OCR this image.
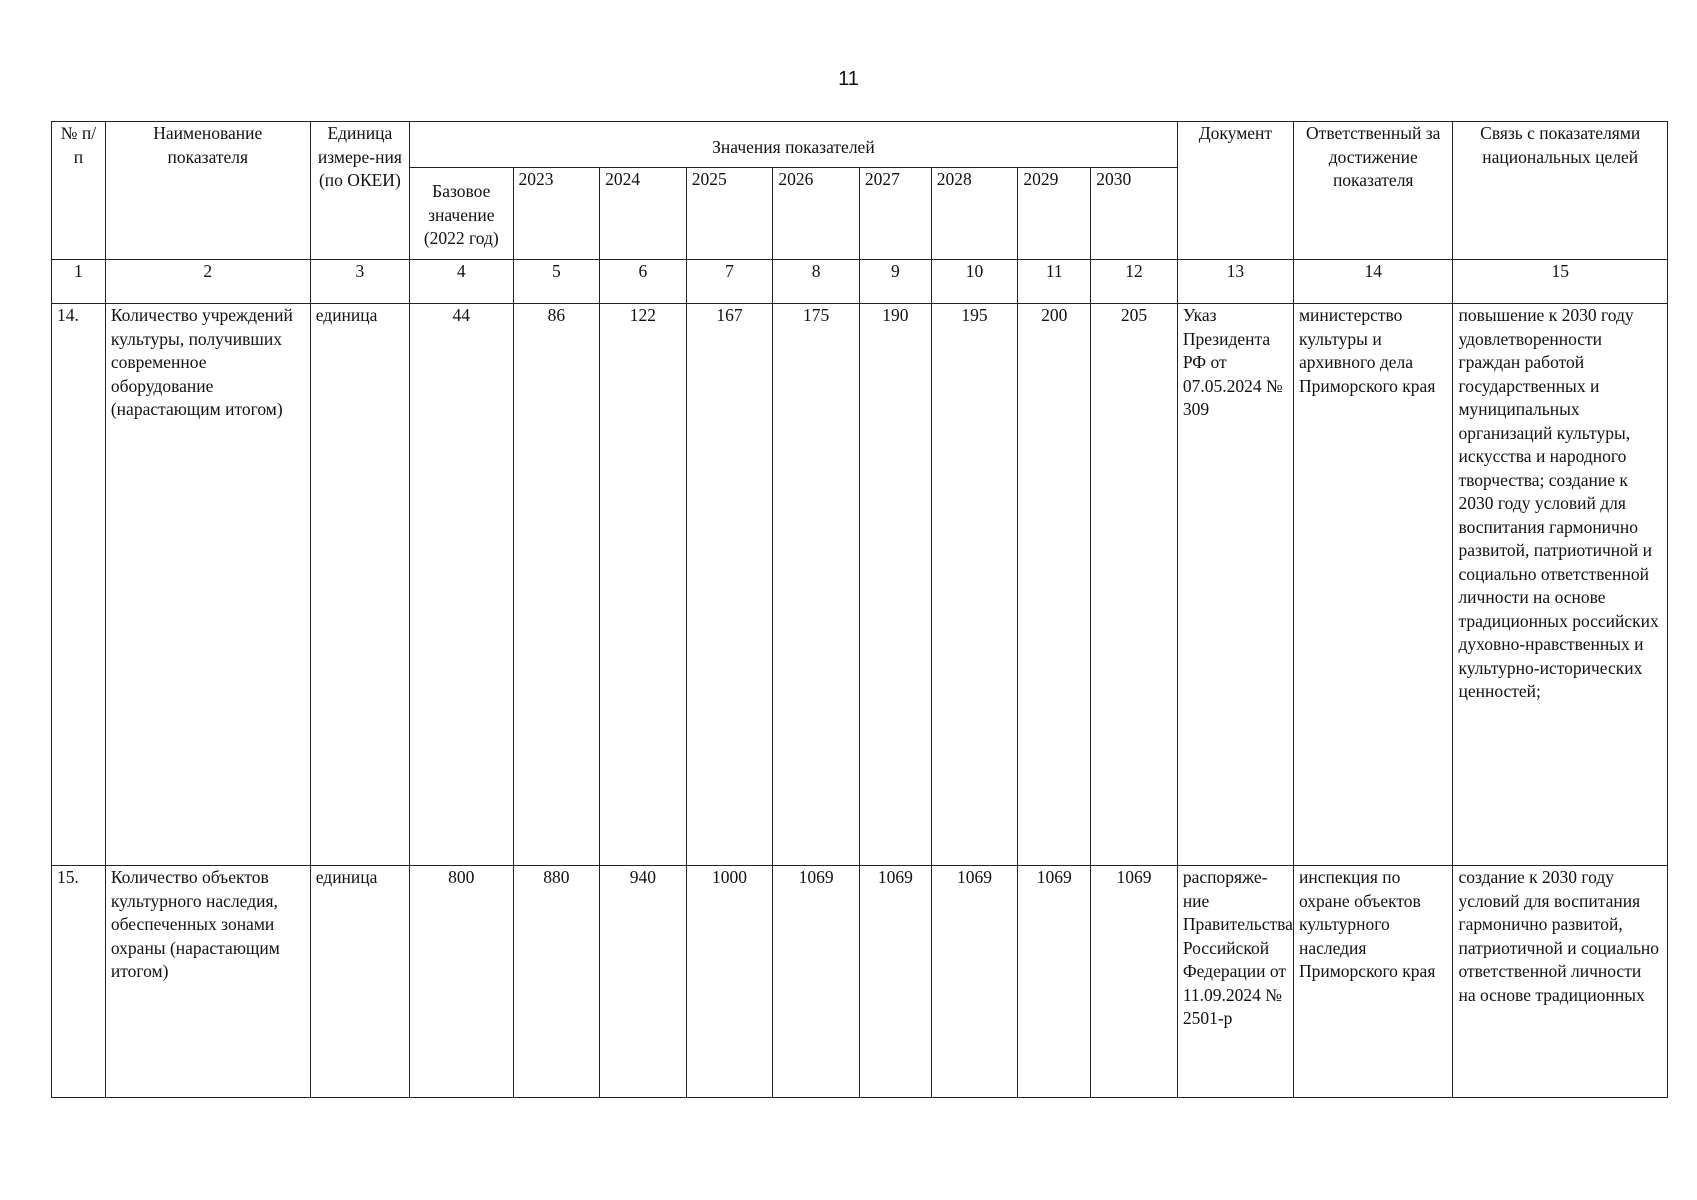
11
№ п/п	Наименование показателя	Единица измере-ния (по ОКЕИ)	Значения показателей									Документ	Ответственный за достижение показателя	Связь с показателями национальных целей
			Базовое значение (2022 год)	2023	2024	2025	2026	2027	2028	2029	2030			
1	2	3	4	5	6	7	8	9	10	11	12	13	14	15
14.	Количество учреждений культуры, получивших современное оборудование (нарастающим итогом)	единица	44	86	122	167	175	190	195	200	205	Указ Президента РФ от 07.05.2024 № 309	министерство культуры и архивного дела Приморского края	повышение к 2030 году удовлетворенности граждан работой государственных и муниципальных организаций культуры, искусства и народного творчества; создание к 2030 году условий для воспитания гармонично развитой, патриотичной и социально ответственной личности на основе традиционных российских духовно-нравственных и культурно-исторических ценностей;
15.	Количество объектов культурного наследия, обеспеченных зонами охраны (нарастающим итогом)	единица	800	880	940	1000	1069	1069	1069	1069	1069	распоряже-ние Правительства Российской Федерации от 11.09.2024 № 2501-р	инспекция по охране объектов культурного наследия Приморского края	создание к 2030 году условий для воспитания гармонично развитой, патриотичной и социально ответственной личности на основе традиционных
